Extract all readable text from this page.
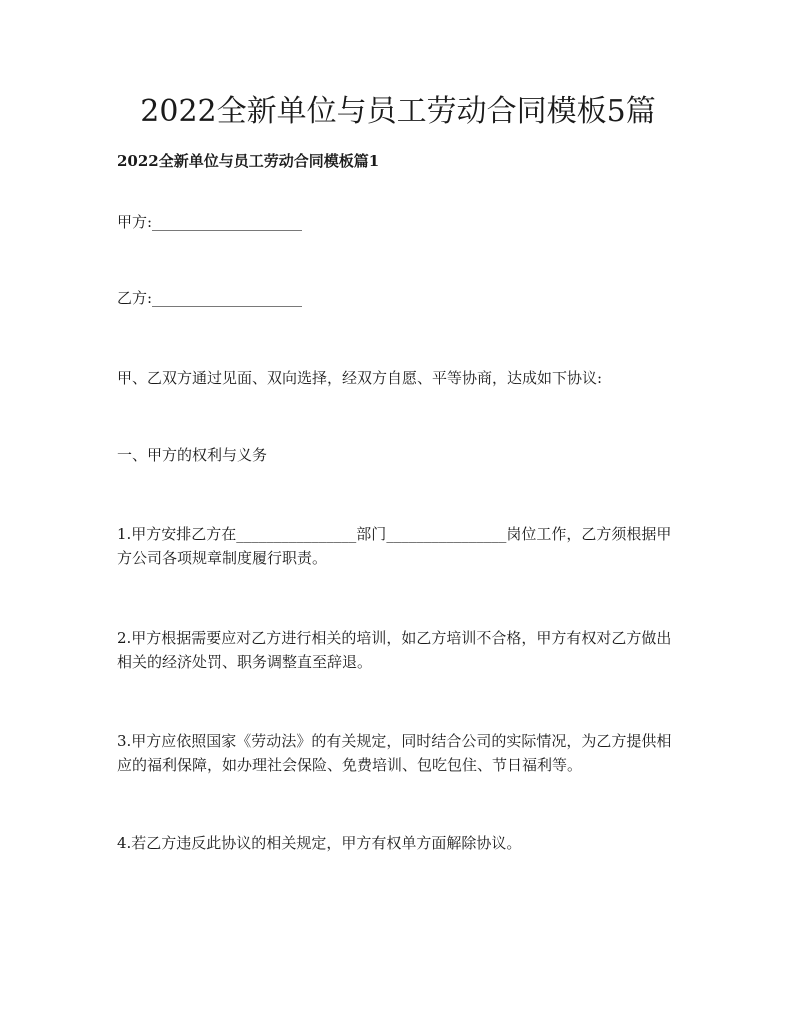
2022全新单位与员工劳动合同模板5篇
2022全新单位与员工劳动合同模板篇1
甲方:____________________
乙方:____________________
甲、乙双方通过见面、双向选择，经双方自愿、平等协商，达成如下协议:
一、甲方的权利与义务
1.甲方安排乙方在________________部门________________岗位工作，乙方须根据甲方公司各项规章制度履行职责。
2.甲方根据需要应对乙方进行相关的培训，如乙方培训不合格，甲方有权对乙方做出相关的经济处罚、职务调整直至辞退。
3.甲方应依照国家《劳动法》的有关规定，同时结合公司的实际情况，为乙方提供相应的福利保障，如办理社会保险、免费培训、包吃包住、节日福利等。
4.若乙方违反此协议的相关规定，甲方有权单方面解除协议。
